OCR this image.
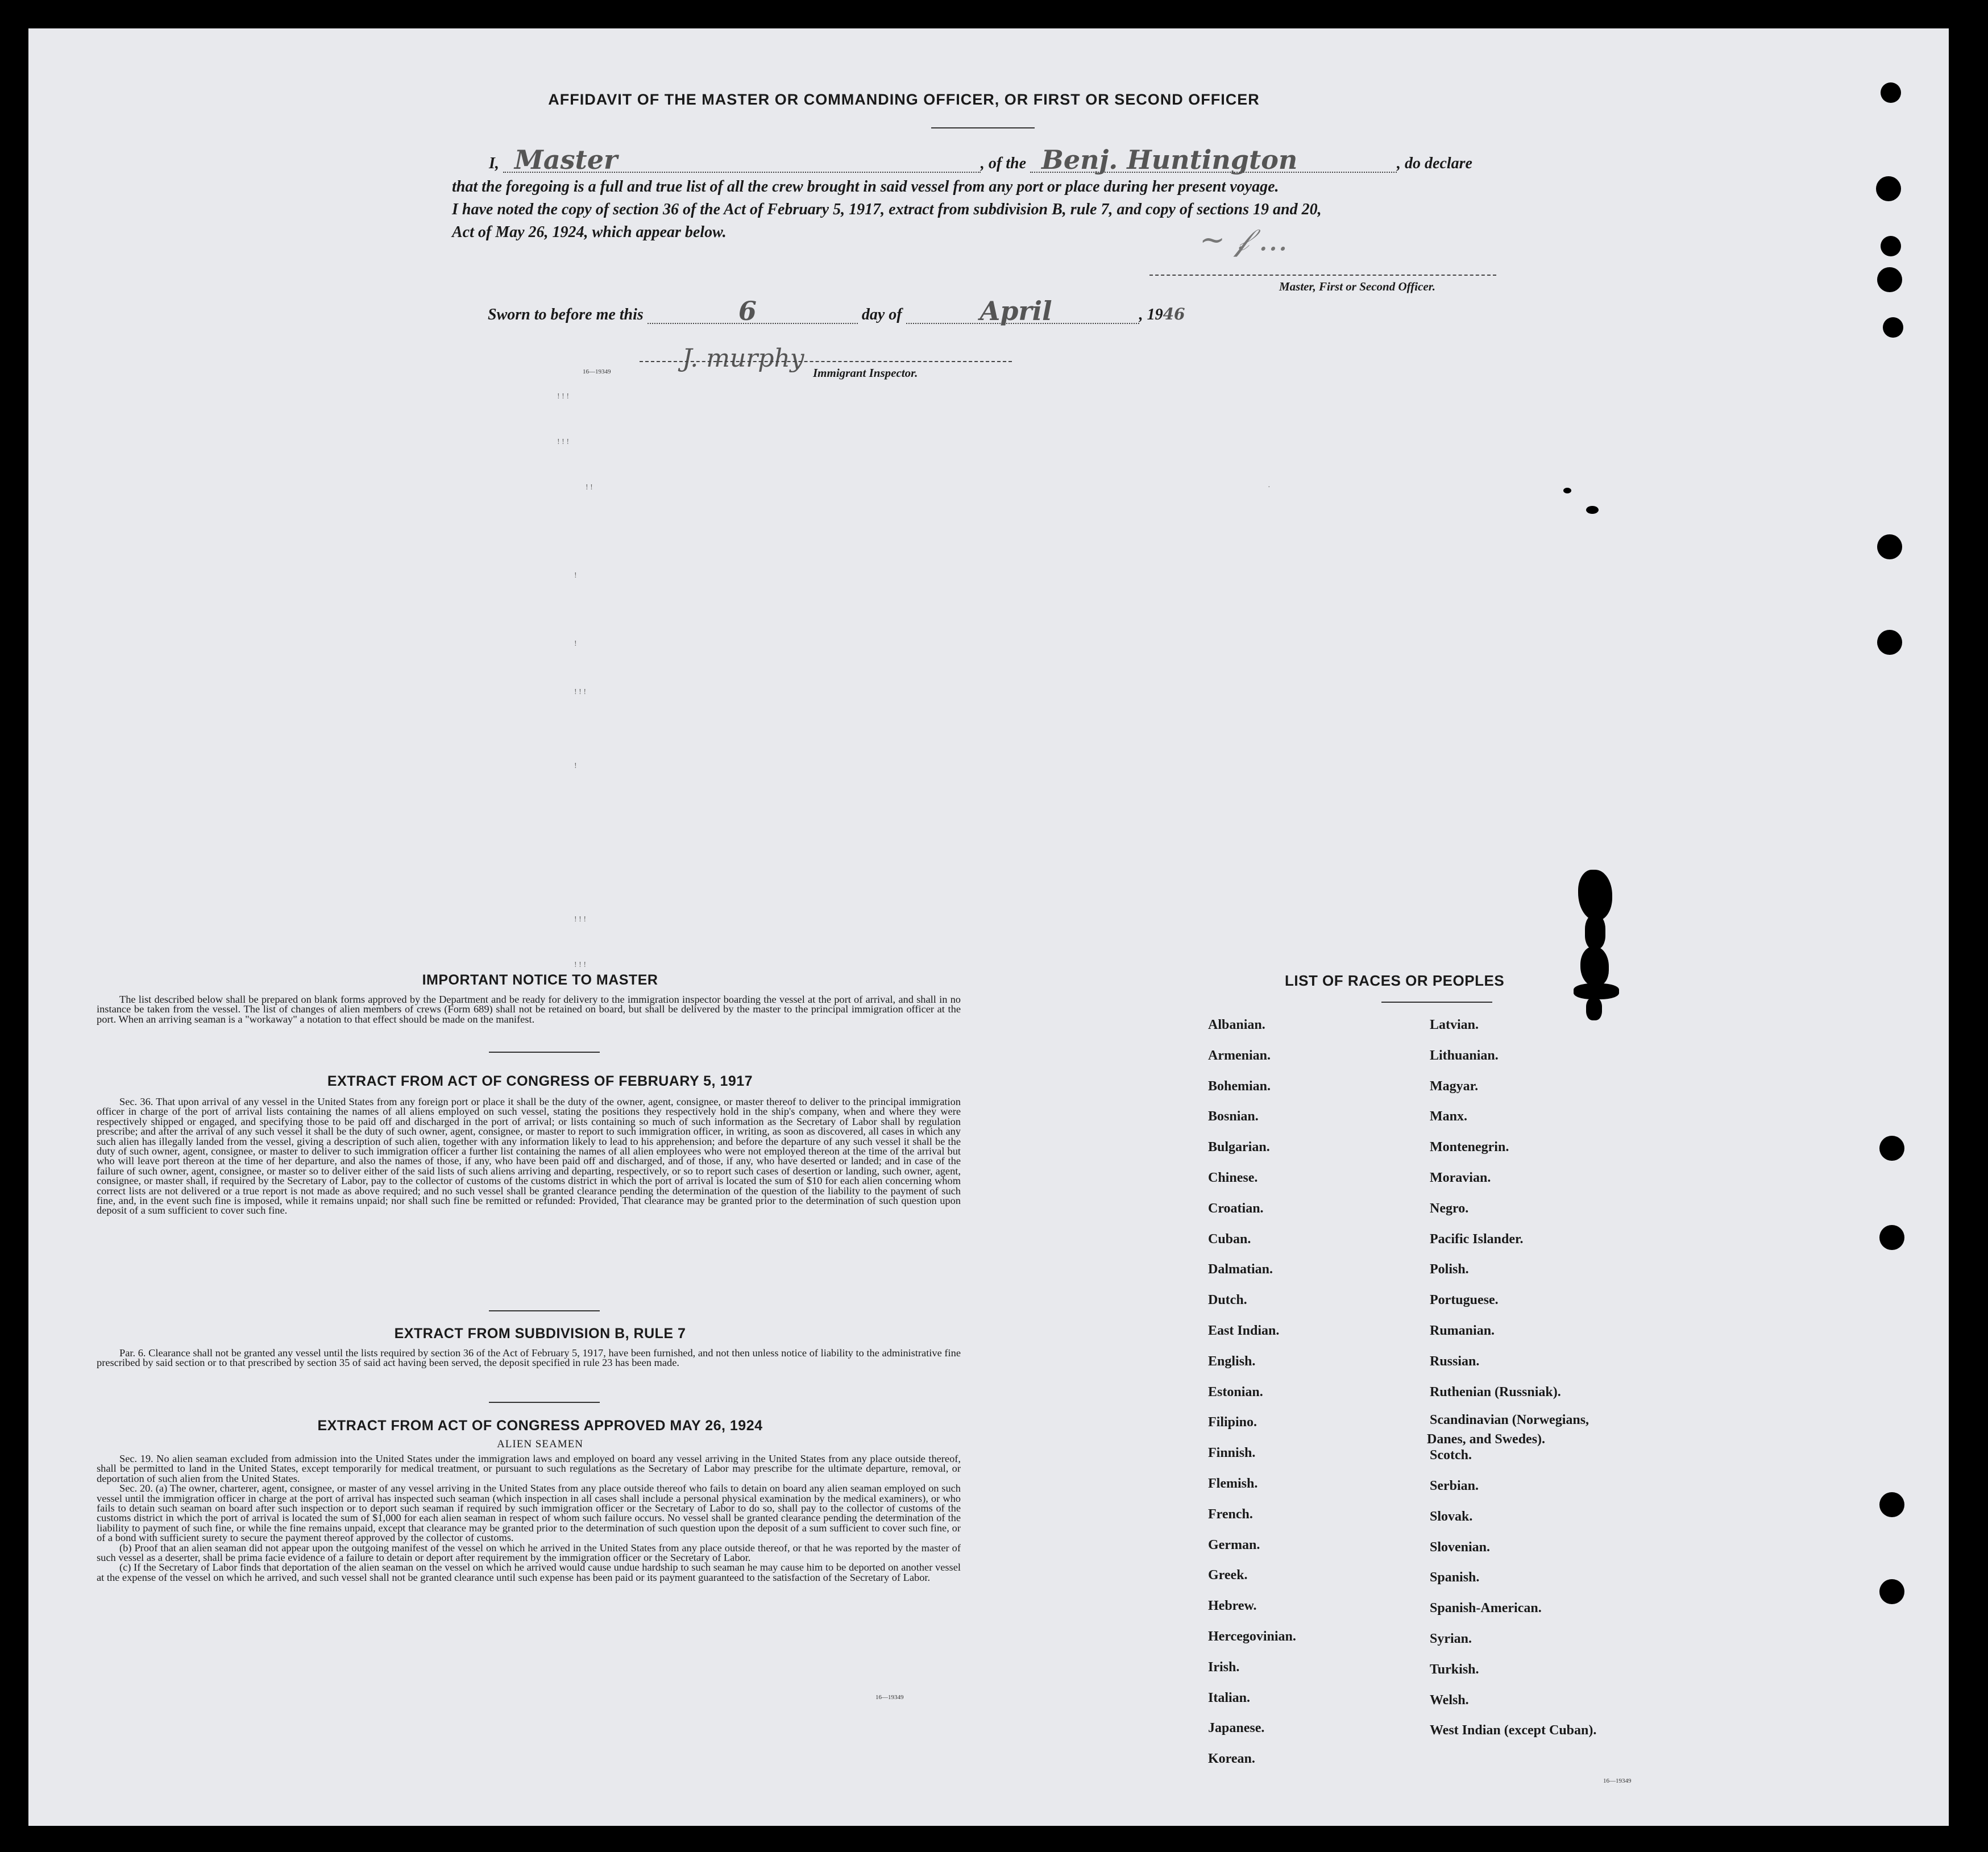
AFFIDAVIT OF THE MASTER OR COMMANDING OFFICER, OR FIRST OR SECOND OFFICER
I, Master	, of the Benj. Huntington	, do declare
that the foregoing is a full and true list of all the crew brought in said vessel from any port or place during her present voyage.
I have noted the copy of section 36 of the Act of February 5, 1917, extract from subdivision B, rule 7, and copy of sections 19 and 20,
Act of May 26, 1924, which appear below.	~ 𝒻 ...
Master, First or Second Officer.
Sworn to before me this	6	day of	April	, 1946
16—19349	J. murphy Immigrant Inspector.
! ! !
! ! !
! !
!
!
! ! !
!
! ! !
! ! !
·
IMPORTANT NOTICE TO MASTER
The list described below shall be prepared on blank forms approved by the Department and be ready for delivery to the immigration inspector boarding the vessel at the port of arrival, and shall in no instance be taken from the vessel. The list of changes of alien members of crews (Form 689) shall not be retained on board, but shall be delivered by the master to the principal immigration officer at the port. When an arriving seaman is a "workaway" a notation to that effect should be made on the manifest.
EXTRACT FROM ACT OF CONGRESS OF FEBRUARY 5, 1917
Sec. 36. That upon arrival of any vessel in the United States from any foreign port or place it shall be the duty of the owner, agent, consignee, or master thereof to deliver to the principal immigration officer in charge of the port of arrival lists containing the names of all aliens employed on such vessel, stating the positions they respectively hold in the ship's company, when and where they were respectively shipped or engaged, and specifying those to be paid off and discharged in the port of arrival; or lists containing so much of such information as the Secretary of Labor shall by regulation prescribe; and after the arrival of any such vessel it shall be the duty of such owner, agent, consignee, or master to report to such immigration officer, in writing, as soon as discovered, all cases in which any such alien has illegally landed from the vessel, giving a description of such alien, together with any information likely to lead to his apprehension; and before the departure of any such vessel it shall be the duty of such owner, agent, consignee, or master to deliver to such immigration officer a further list containing the names of all alien employees who were not employed thereon at the time of the arrival but who will leave port thereon at the time of her departure, and also the names of those, if any, who have been paid off and discharged, and of those, if any, who have deserted or landed; and in case of the failure of such owner, agent, consignee, or master so to deliver either of the said lists of such aliens arriving and departing, respectively, or so to report such cases of desertion or landing, such owner, agent, consignee, or master shall, if required by the Secretary of Labor, pay to the collector of customs of the customs district in which the port of arrival is located the sum of $10 for each alien concerning whom correct lists are not delivered or a true report is not made as above required; and no such vessel shall be granted clearance pending the determination of the question of the liability to the payment of such fine, and, in the event such fine is imposed, while it remains unpaid; nor shall such fine be remitted or refunded: Provided, That clearance may be granted prior to the determination of such question upon deposit of a sum sufficient to cover such fine.
EXTRACT FROM SUBDIVISION B, RULE 7
Par. 6. Clearance shall not be granted any vessel until the lists required by section 36 of the Act of February 5, 1917, have been furnished, and not then unless notice of liability to the administrative fine prescribed by said section or to that prescribed by section 35 of said act having been served, the deposit specified in rule 23 has been made.
EXTRACT FROM ACT OF CONGRESS APPROVED MAY 26, 1924
ALIEN SEAMEN
Sec. 19. No alien seaman excluded from admission into the United States under the immigration laws and employed on board any vessel arriving in the United States from any place outside thereof, shall be permitted to land in the United States, except temporarily for medical treatment, or pursuant to such regulations as the Secretary of Labor may prescribe for the ultimate departure, removal, or deportation of such alien from the United States.
Sec. 20. (a) The owner, charterer, agent, consignee, or master of any vessel arriving in the United States from any place outside thereof who fails to detain on board any alien seaman employed on such vessel until the immigration officer in charge at the port of arrival has inspected such seaman (which inspection in all cases shall include a personal physical examination by the medical examiners), or who fails to detain such seaman on board after such inspection or to deport such seaman if required by such immigration officer or the Secretary of Labor to do so, shall pay to the collector of customs of the customs district in which the port of arrival is located the sum of $1,000 for each alien seaman in respect of whom such failure occurs. No vessel shall be granted clearance pending the determination of the liability to payment of such fine, or while the fine remains unpaid, except that clearance may be granted prior to the determination of such question upon the deposit of a sum sufficient to cover such fine, or of a bond with sufficient surety to secure the payment thereof approved by the collector of customs.
(b) Proof that an alien seaman did not appear upon the outgoing manifest of the vessel on which he arrived in the United States from any place outside thereof, or that he was reported by the master of such vessel as a deserter, shall be prima facie evidence of a failure to detain or deport after requirement by the immigration officer or the Secretary of Labor.
(c) If the Secretary of Labor finds that deportation of the alien seaman on the vessel on which he arrived would cause undue hardship to such seaman he may cause him to be deported on another vessel at the expense of the vessel on which he arrived, and such vessel shall not be granted clearance until such expense has been paid or its payment guaranteed to the satisfaction of the Secretary of Labor.
16—19349
LIST OF RACES OR PEOPLES
16—19349
Albanian.
Armenian.
Bohemian.
Bosnian.
Bulgarian.
Chinese.
Croatian.
Cuban.
Dalmatian.
Dutch.
East Indian.
English.
Estonian.
Filipino.
Finnish.
Flemish.
French.
German.
Greek.
Hebrew.
Hercegovinian.
Irish.
Italian.
Japanese.
Korean.
Latvian.
Lithuanian.
Magyar.
Manx.
Montenegrin.
Moravian.
Negro.
Pacific Islander.
Polish.
Portuguese.
Rumanian.
Russian.
Ruthenian (Russniak).
Scandinavian (Norwegians,
Danes, and Swedes).
Scotch.
Serbian.
Slovak.
Slovenian.
Spanish.
Spanish-American.
Syrian.
Turkish.
Welsh.
West Indian (except Cuban).
